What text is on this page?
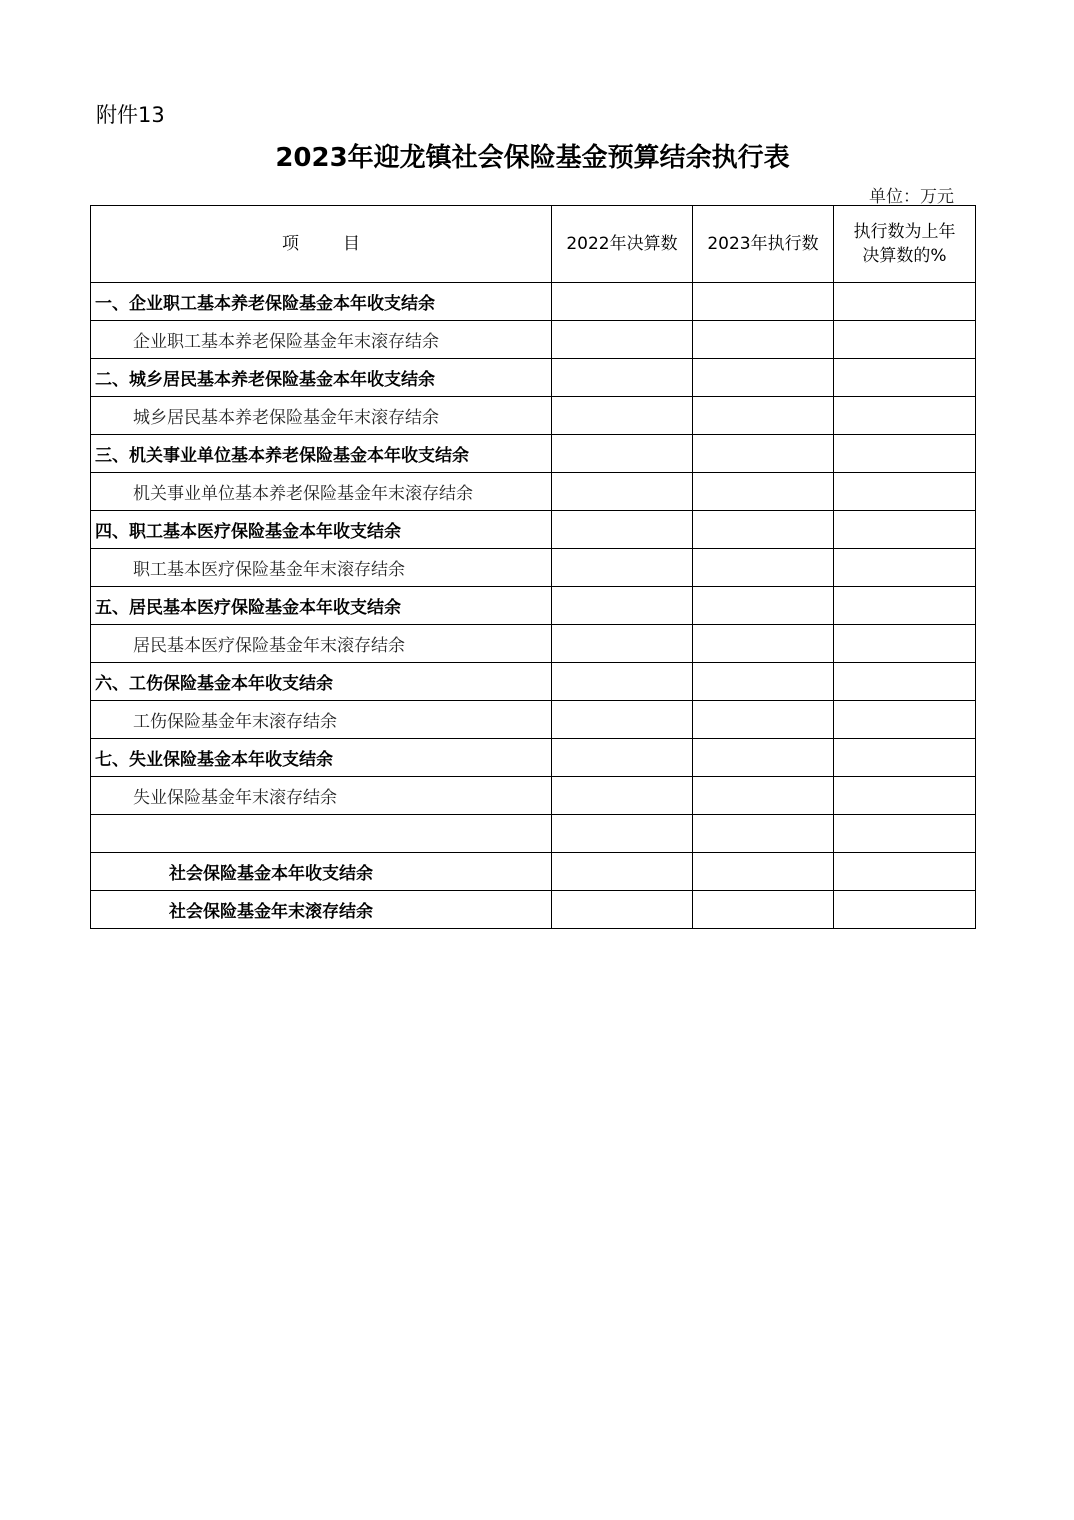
附件13
2023年迎龙镇社会保险基金预算结余执行表
单位：万元
项 目	2022年决算数	2023年执行数	执行数为上年
决算数的%
一、企业职工基本养老保险基金本年收支结余			
企业职工基本养老保险基金年末滚存结余			
二、城乡居民基本养老保险基金本年收支结余			
城乡居民基本养老保险基金年末滚存结余			
三、机关事业单位基本养老保险基金本年收支结余			
机关事业单位基本养老保险基金年末滚存结余			
四、职工基本医疗保险基金本年收支结余			
职工基本医疗保险基金年末滚存结余			
五、居民基本医疗保险基金本年收支结余			
居民基本医疗保险基金年末滚存结余			
六、工伤保险基金本年收支结余			
工伤保险基金年末滚存结余			
七、失业保险基金本年收支结余			
失业保险基金年末滚存结余			

社会保险基金本年收支结余			
社会保险基金年末滚存结余			
